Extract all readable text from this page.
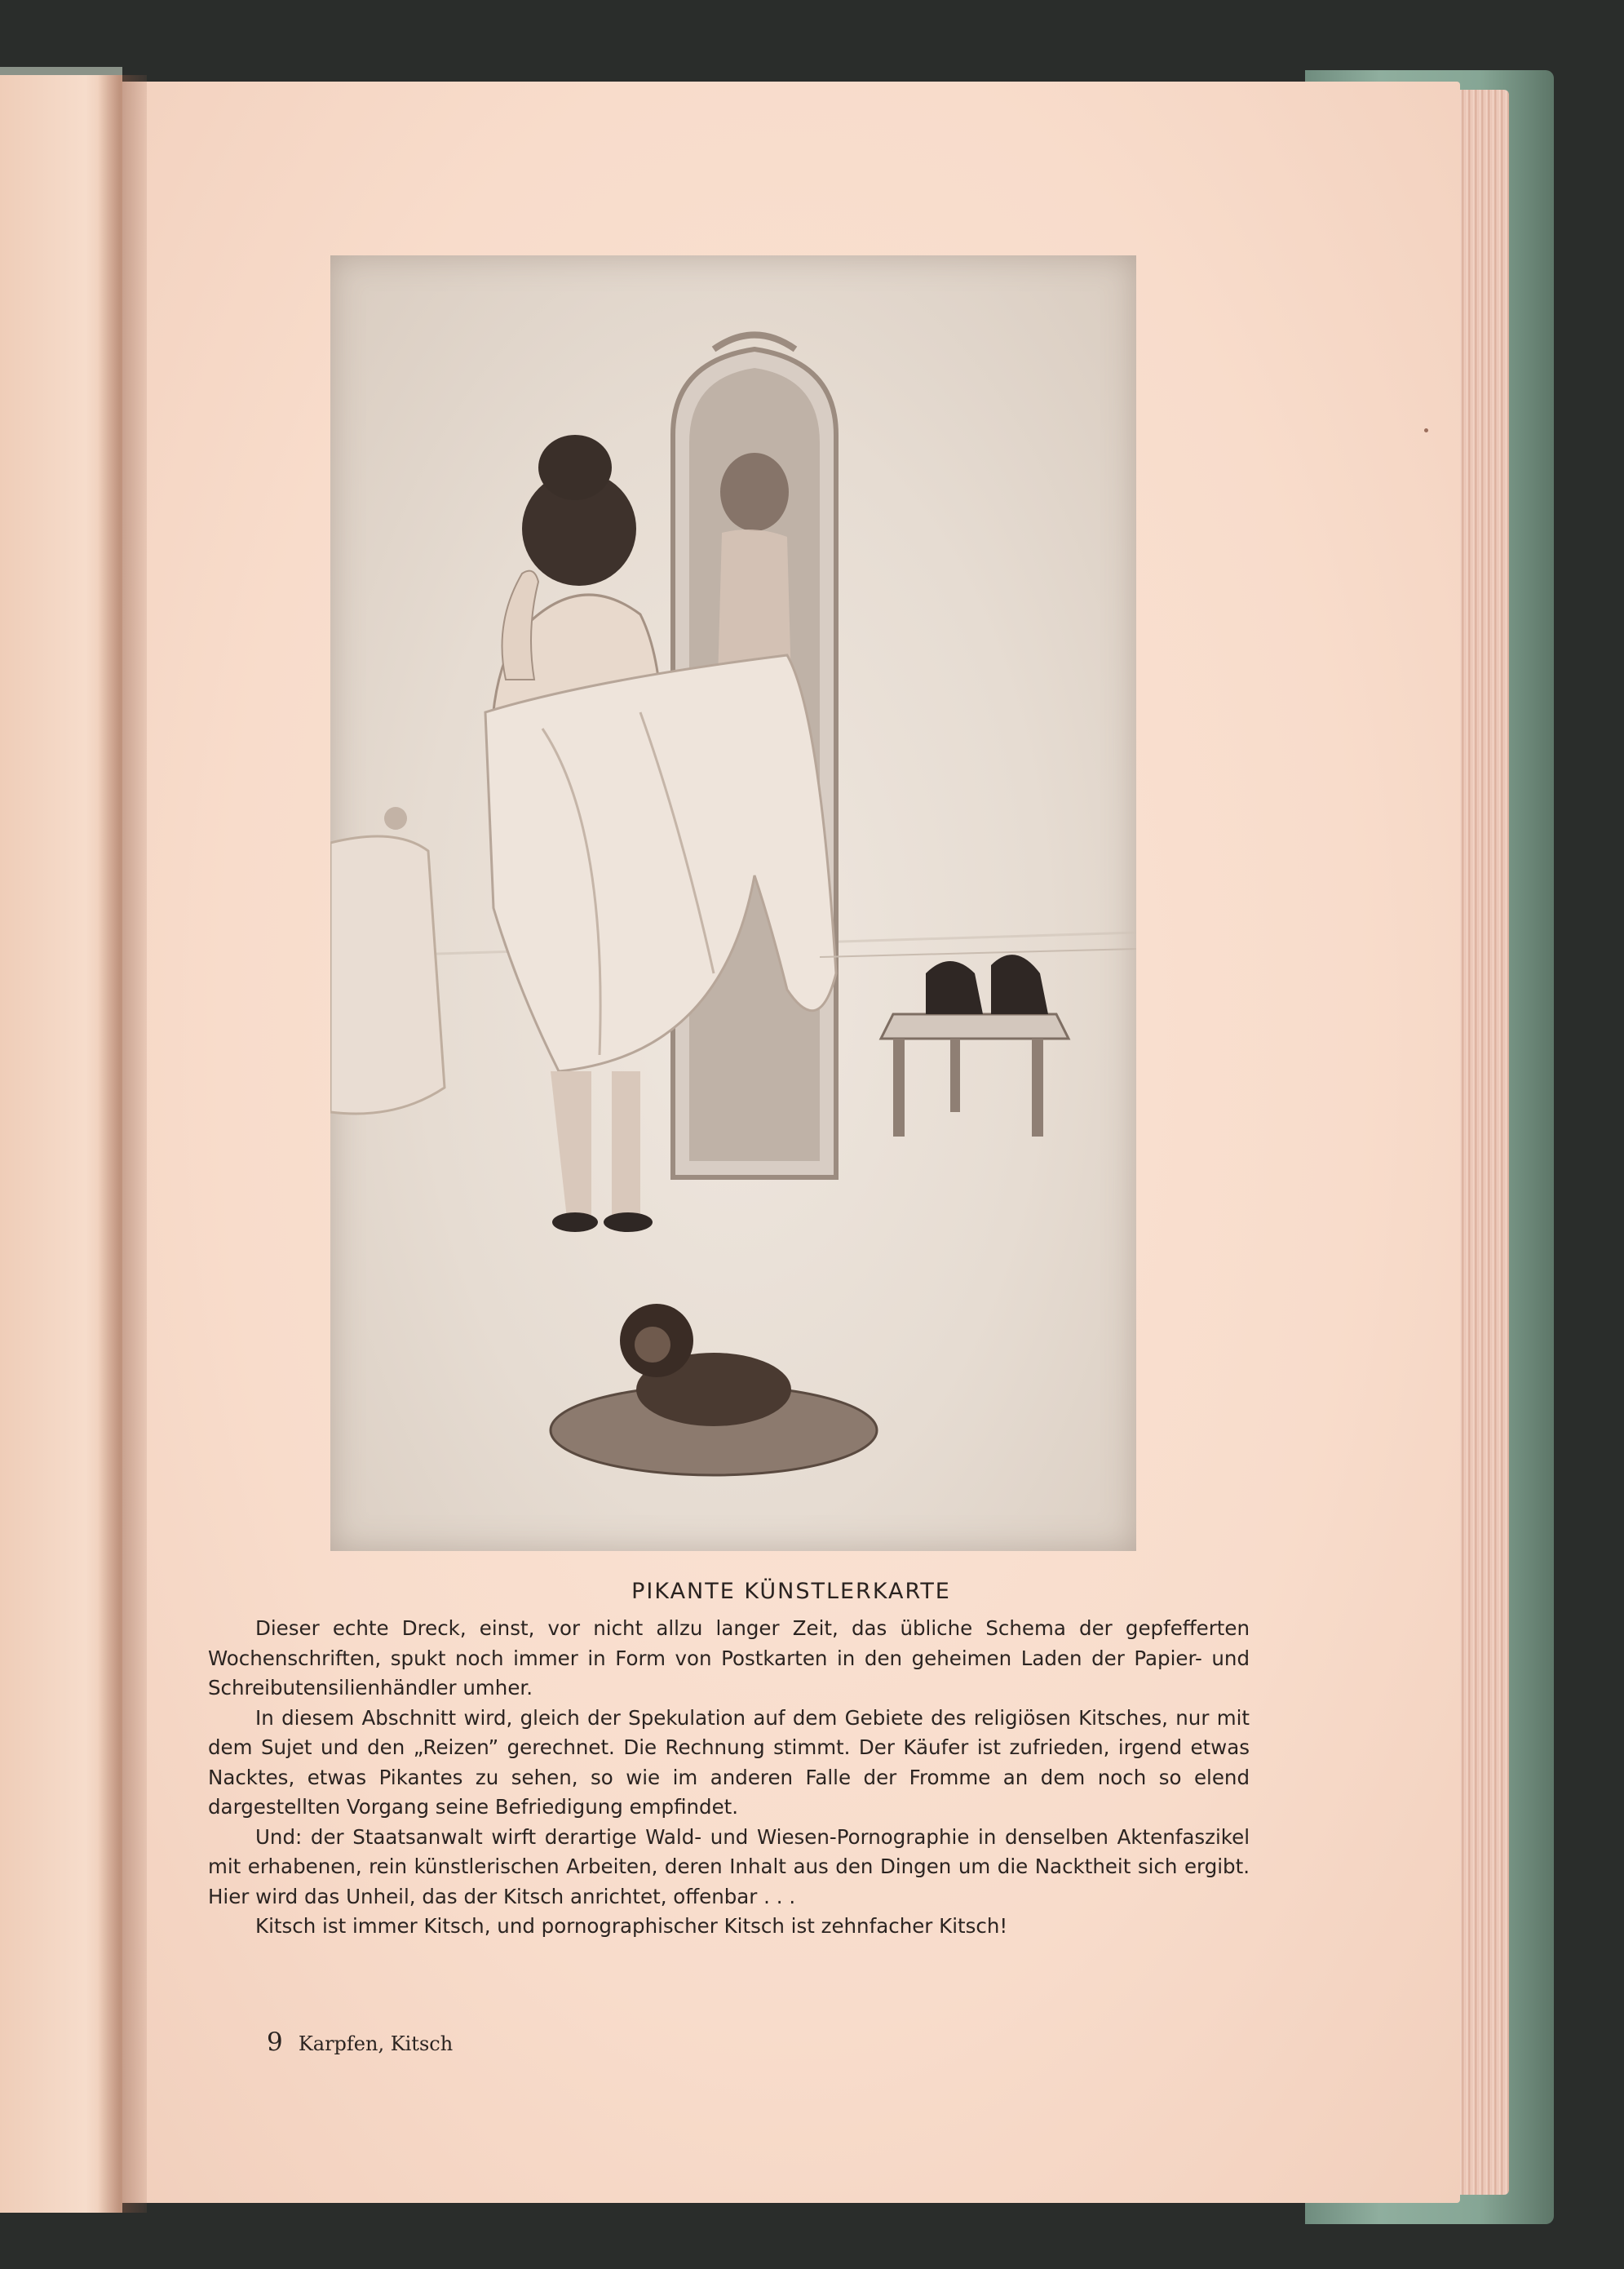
PIKANTE KÜNSTLERKARTE

Dieser echte Dreck, einst, vor nicht allzu langer Zeit, das übliche Schema der gepfefferten Wochenschriften, spukt noch immer in Form von Postkarten in den geheimen Laden der Papier- und Schreibutensilienhändler umher.

In diesem Abschnitt wird, gleich der Spekulation auf dem Gebiete des religiösen Kitsches, nur mit dem Sujet und den „Reizen” gerechnet. Die Rechnung stimmt. Der Käufer ist zufrieden, irgend etwas Nacktes, etwas Pikantes zu sehen, so wie im anderen Falle der Fromme an dem noch so elend dargestellten Vorgang seine Befriedigung empfindet.

Und: der Staatsanwalt wirft derartige Wald- und Wiesen-Pornographie in denselben Aktenfaszikel mit erhabenen, rein künstlerischen Arbeiten, deren Inhalt aus den Dingen um die Nacktheit sich ergibt. Hier wird das Unheil, das der Kitsch anrichtet, offenbar . . .

Kitsch ist immer Kitsch, und pornographischer Kitsch ist zehnfacher Kitsch!

9 Karpfen, Kitsch
